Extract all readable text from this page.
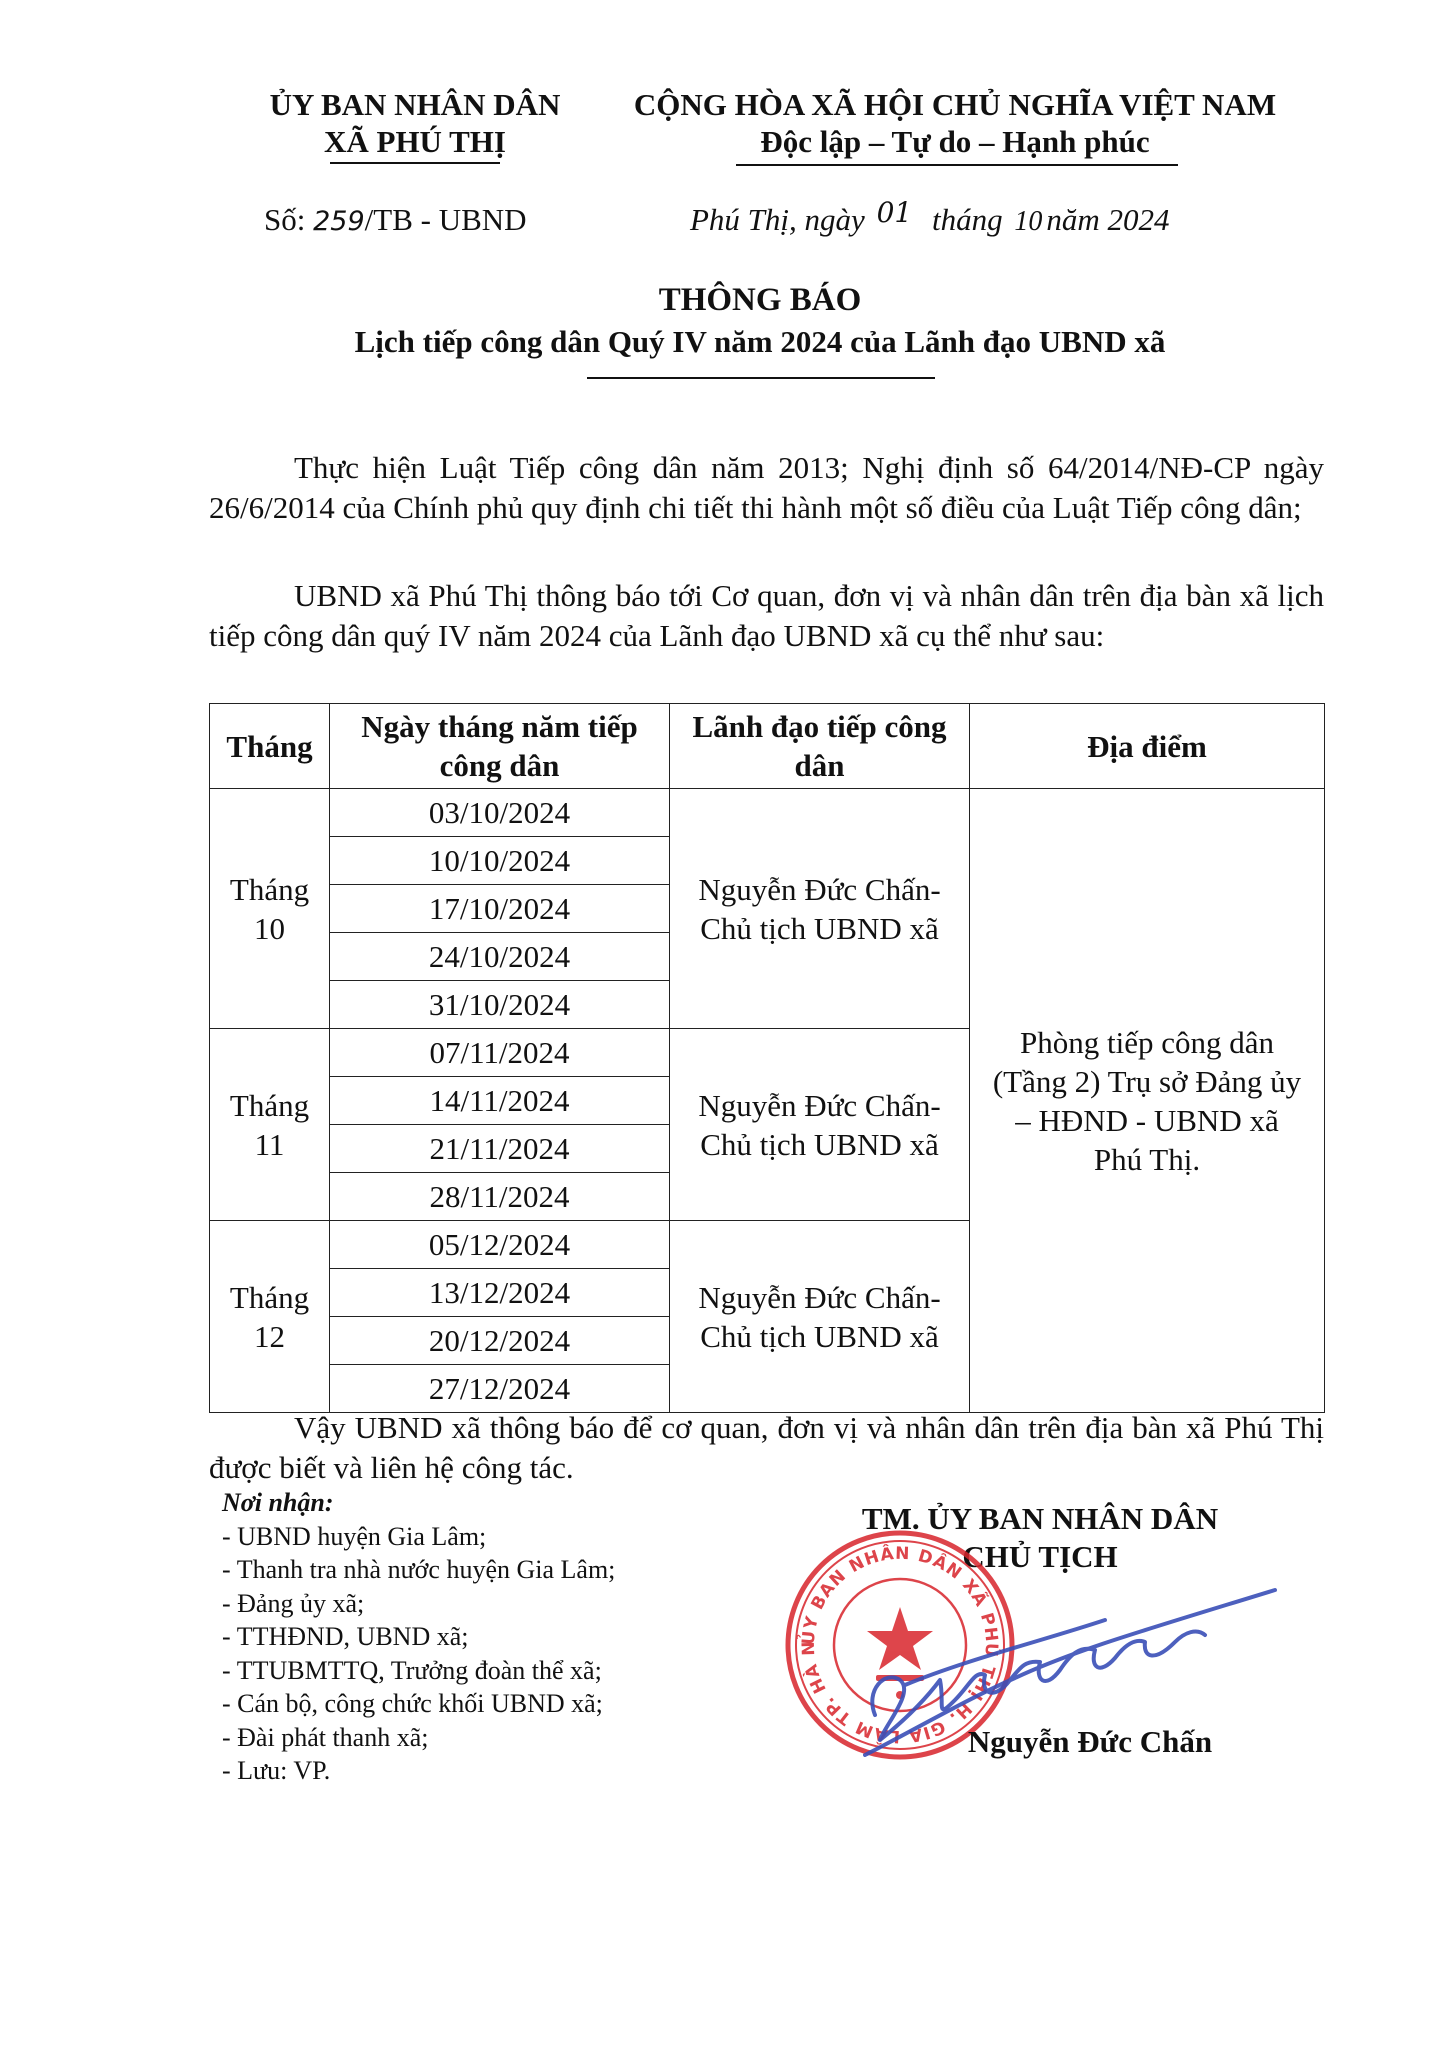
ỦY BAN NHÂN DÂN
XÃ PHÚ THỊ
CỘNG HÒA XÃ HỘI CHỦ NGHĨA VIỆT NAM
Độc lập – Tự do – Hạnh phúc
Số: 259/TB - UBND	Phú Thị, ngày 01 tháng 10 năm 2024
THÔNG BÁO
Lịch tiếp công dân Quý IV năm 2024 của Lãnh đạo UBND xã
Thực hiện Luật Tiếp công dân năm 2013; Nghị định số 64/2014/NĐ-CP ngày 26/6/2014 của Chính phủ quy định chi tiết thi hành một số điều của Luật Tiếp công dân;
UBND xã Phú Thị thông báo tới Cơ quan, đơn vị và nhân dân trên địa bàn xã lịch tiếp công dân quý IV năm 2024 của Lãnh đạo UBND xã cụ thể như sau:
Tháng	Ngày tháng năm tiếp công dân	Lãnh đạo tiếp công dân	Địa điểm
Tháng 10	03/10/2024	Nguyễn Đức Chấn- Chủ tịch UBND xã	Phòng tiếp công dân (Tầng 2) Trụ sở Đảng ủy – HĐND - UBND xã Phú Thị.
	10/10/2024		
	17/10/2024		
	24/10/2024		
	31/10/2024		
Tháng 11	07/11/2024	Nguyễn Đức Chấn- Chủ tịch UBND xã	
	14/11/2024		
	21/11/2024		
	28/11/2024		
Tháng 12	05/12/2024	Nguyễn Đức Chấn- Chủ tịch UBND xã	
	13/12/2024		
	20/12/2024		
	27/12/2024		
Vậy UBND xã thông báo để cơ quan, đơn vị và nhân dân trên địa bàn xã Phú Thị được biết và liên hệ công tác.
Nơi nhận:
- UBND huyện Gia Lâm;
- Thanh tra nhà nước huyện Gia Lâm;
- Đảng ủy xã;
- TTHĐND, UBND xã;
- TTUBMTTQ, Trưởng đoàn thể xã;
- Cán bộ, công chức khối UBND xã;
- Đài phát thanh xã;
- Lưu: VP.
TM. ỦY BAN NHÂN DÂN
CHỦ TỊCH
ỦY BAN NHÂN DÂN XÃ PHÚ THỊ H. GIA LÂM TP. HÀ N
Nguyễn Đức Chấn
